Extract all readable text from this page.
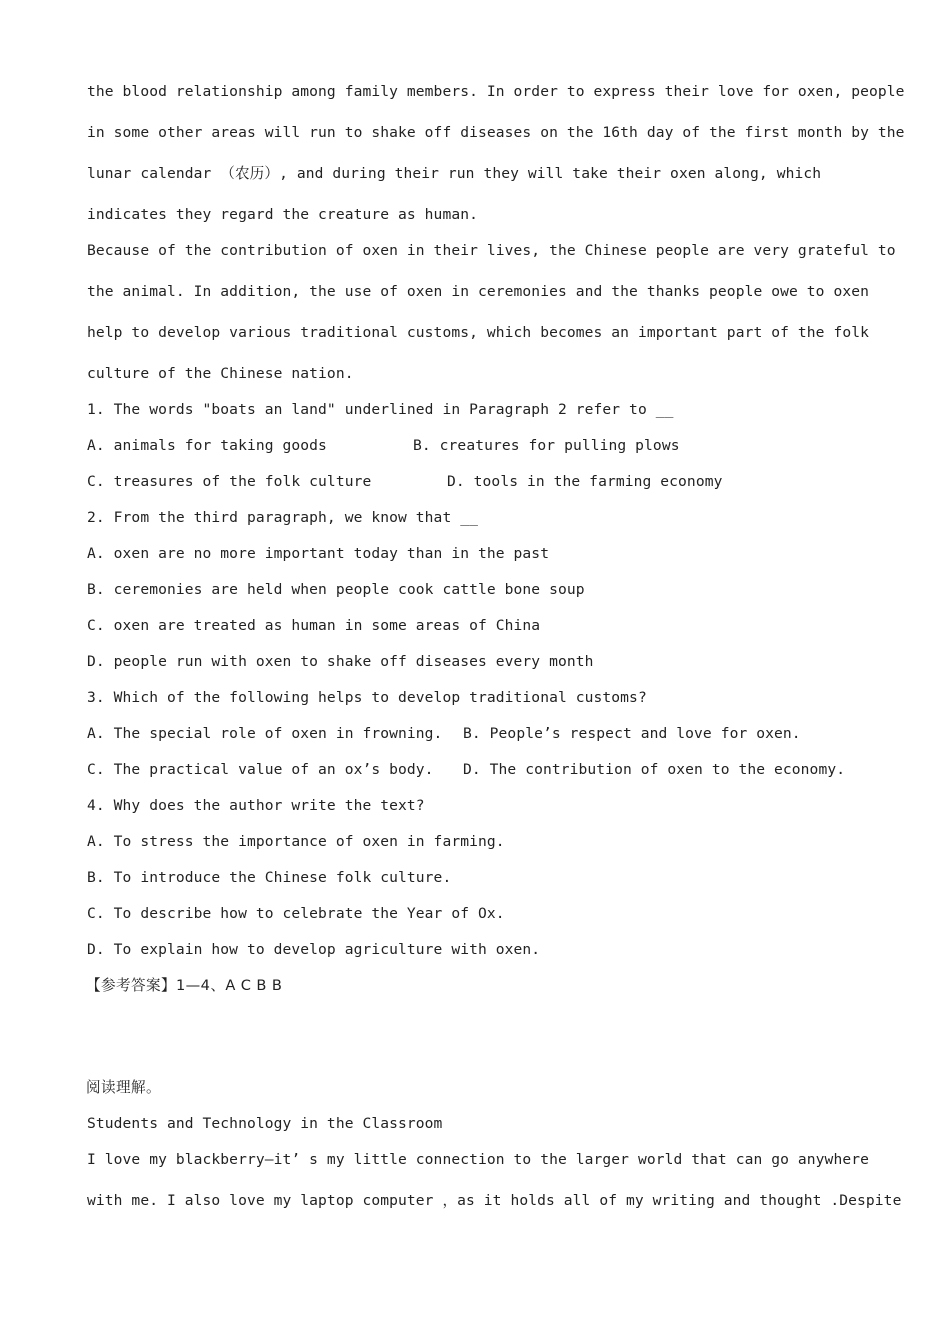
the blood relationship among family members. In order to express their love for oxen, people
in some other areas will run to shake off diseases on the 16th day of the first month by the
lunar calendar （农历）, and during their run they will take their oxen along, which
indicates they regard the creature as human.
Because of the contribution of oxen in their lives, the Chinese people are very grateful to
the animal. In addition, the use of oxen in ceremonies and the thanks people owe to oxen
help to develop various traditional customs, which becomes an important part of the folk
culture of the Chinese nation.
1. The words "boats an land" underlined in Paragraph 2 refer to __
A. animals for taking goods	B. creatures for pulling plows
C. treasures of the folk culture	D. tools in the farming economy
2. From the third paragraph, we know that __
A. oxen are no more important today than in the past
B. ceremonies are held when people cook cattle bone soup
C. oxen are treated as human in some areas of China
D. people run with oxen to shake off diseases every month
3. Which of the following helps to develop traditional customs?
A. The special role of oxen in frowning. B. People’s respect and love for oxen.
C. The practical value of an ox’s body. D. The contribution of oxen to the economy.
4. Why does the author write the text?
A. To stress the importance of oxen in farming.
B. To introduce the Chinese folk culture.
C. To describe how to celebrate the Year of Ox.
D. To explain how to develop agriculture with oxen.
【参考答案】1—4、A C B B
阅读理解。
Students and Technology in the Classroom
I love my blackberry—it’ s my little connection to the larger world that can go anywhere
with me. I also love my laptop computer ，as it holds all of my writing and thought .Despite
